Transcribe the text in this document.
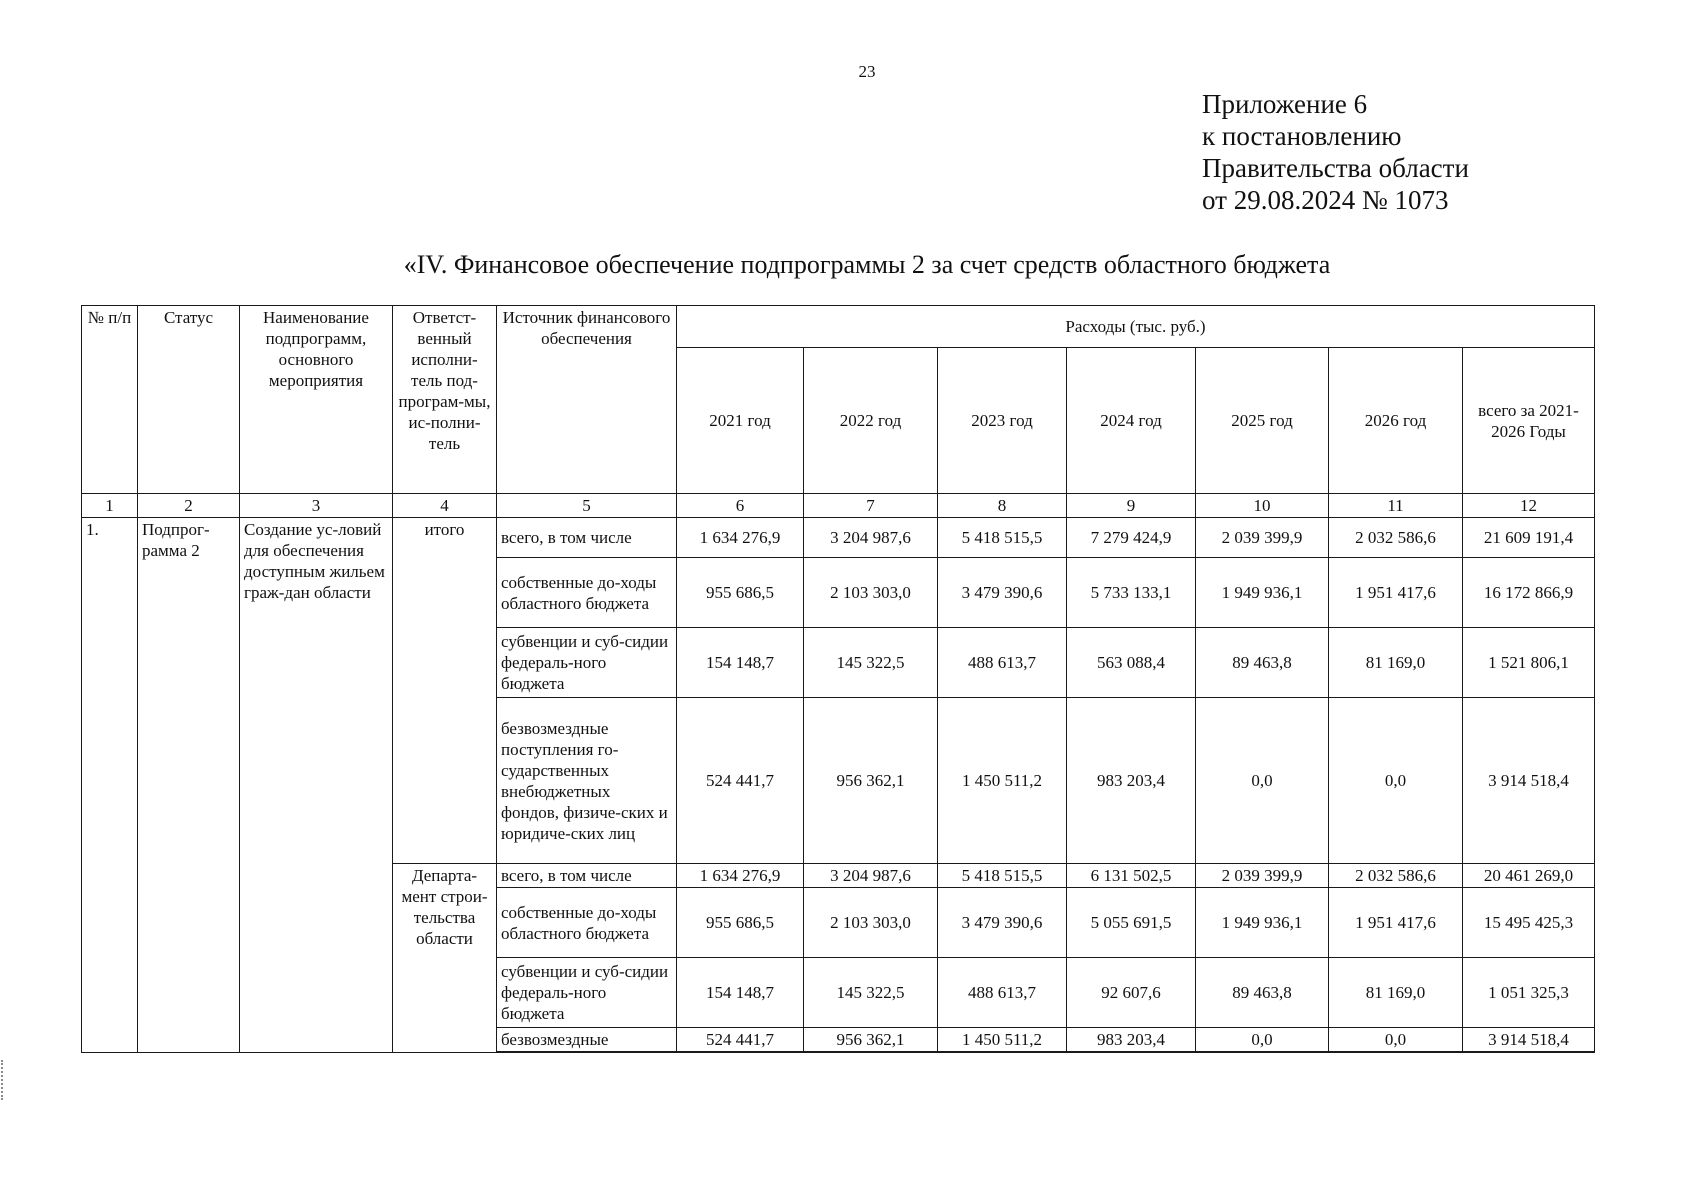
23
Приложение 6
к постановлению
Правительства области
от 29.08.2024 № 1073
«IV. Финансовое обеспечение подпрограммы 2 за счет средств областного бюджета
№ п/п	Статус	Наименование подпрограмм, основного мероприятия	Ответст-венный исполни-тель под-програм-мы, ис-полни-тель	Источник финансового обеспечения	Расходы (тыс. руб.)						
					2021 год	2022 год	2023 год	2024 год	2025 год	2026 год	всего за 2021-2026 Годы
1	2	3	4	5	6	7	8	9	10	11	12
1.	Подпрог-рамма 2	Создание ус-ловий для обеспечения доступным жильем граж-дан области	итого	всего, в том числе	1 634 276,9	3 204 987,6	5 418 515,5	7 279 424,9	2 039 399,9	2 032 586,6	21 609 191,4
				собственные до-ходы областного бюджета	955 686,5	2 103 303,0	3 479 390,6	5 733 133,1	1 949 936,1	1 951 417,6	16 172 866,9
				субвенции и суб-сидии федераль-ного бюджета	154 148,7	145 322,5	488 613,7	563 088,4	89 463,8	81 169,0	1 521 806,1
				безвозмездные поступления го-сударственных внебюджетных фондов, физиче-ских и юридиче-ских лиц	524 441,7	956 362,1	1 450 511,2	983 203,4	0,0	0,0	3 914 518,4
			Департа-мент строи-тельства области	всего, в том числе	1 634 276,9	3 204 987,6	5 418 515,5	6 131 502,5	2 039 399,9	2 032 586,6	20 461 269,0
				собственные до-ходы областного бюджета	955 686,5	2 103 303,0	3 479 390,6	5 055 691,5	1 949 936,1	1 951 417,6	15 495 425,3
				субвенции и суб-сидии федераль-ного бюджета	154 148,7	145 322,5	488 613,7	92 607,6	89 463,8	81 169,0	1 051 325,3
				безвозмездные	524 441,7	956 362,1	1 450 511,2	983 203,4	0,0	0,0	3 914 518,4
